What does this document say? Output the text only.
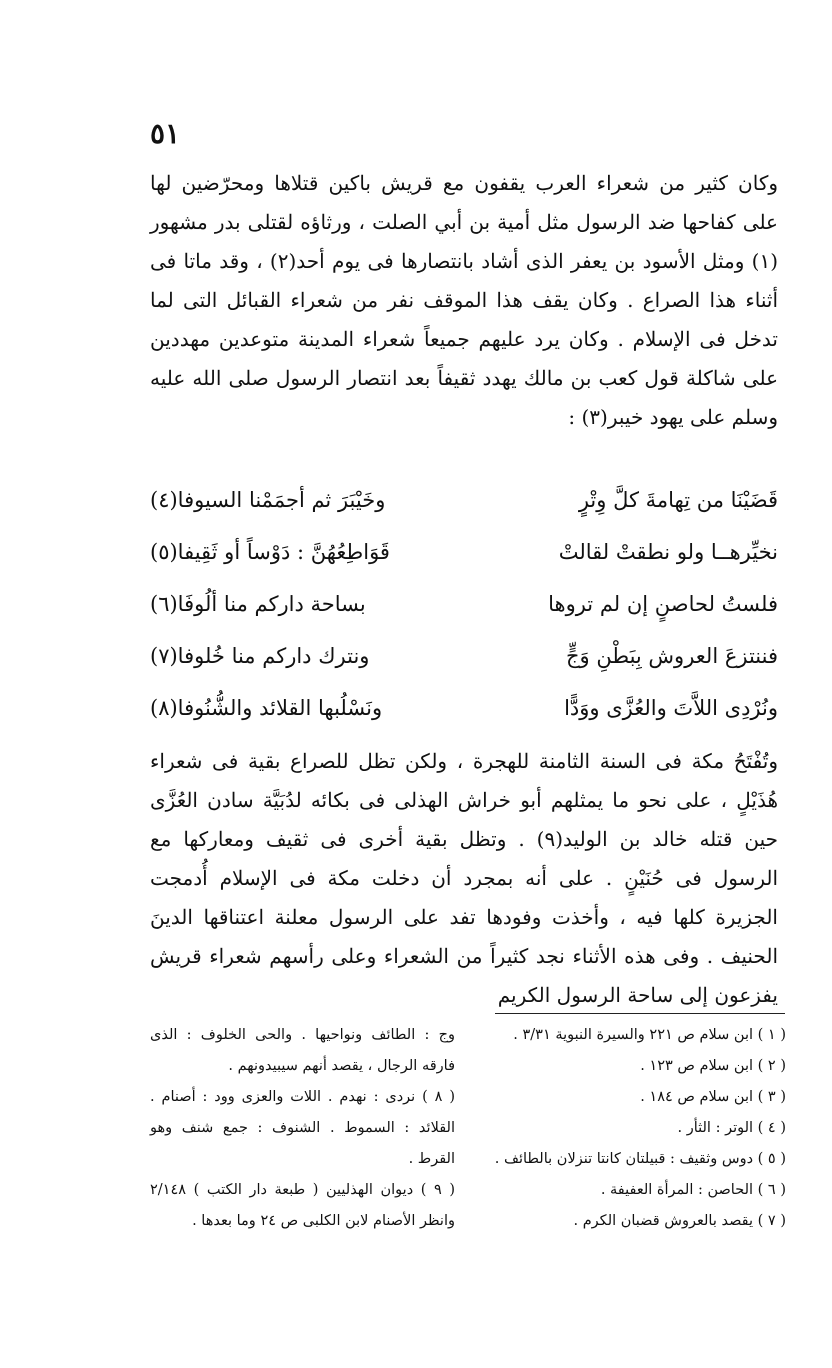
٥١

وكان كثير من شعراء العرب يقفون مع قريش باكين قتلاها ومحرّضين لها على كفاحها ضد الرسول مثل أمية بن أبي الصلت ، ورثاؤه لقتلى بدر مشهور (١) ومثل الأسود بن يعفر الذى أشاد بانتصارها فى يوم أحد(٢) ، وقد ماتا فى أثناء هذا الصراع . وكان يقف هذا الموقف نفر من شعراء القبائل التى لما تدخل فى الإسلام . وكان يرد عليهم جميعاً شعراء المدينة متوعدين مهددين على شاكلة قول كعب بن مالك يهدد ثقيفاً بعد انتصار الرسول صلى الله عليه وسلم على يهود خيبر(٣) :

قَضَيْنَا من تِهامةَ كلَّ وِتْرٍ
وخَيْبَرَ ثم أجمَمْنا السيوفا(٤)
نخيِّرهــا ولو نطقتْ لقالتْ
قَوَاطِعُهُنَّ : دَوْساً أو ثَقِيفا(٥)
فلستُ لحاصنٍ إن لم تروها
بساحة داركم منا ألُوفَا(٦)
فننتزعَ العروش بِبَطْنِ وَجٍّ
ونترك داركم منا خُلوفا(٧)
ونُرْدِى اللاَّتَ والعُزَّى ووَدًّا
ونَسْلُبها القلائد والشُّنُوفا(٨)

وتُفْتَحُ مكة فى السنة الثامنة للهجرة ، ولكن تظل للصراع بقية فى شعراء هُذَيْلٍ ، على نحو ما يمثلهم أبو خراش الهذلى فى بكائه لدُبَيَّة سادن العُزَّى حين قتله خالد بن الوليد(٩) . وتظل بقية أخرى فى ثقيف ومعاركها مع الرسول فى حُنَيْنٍ . على أنه بمجرد أن دخلت مكة فى الإسلام أُدمجت الجزيرة كلها فيه ، وأخذت وفودها تفد على الرسول معلنة اعتناقها الدينَ الحنيف . وفى هذه الأثناء نجد كثيراً من الشعراء وعلى رأسهم شعراء قريش يفزعون إلى ساحة الرسول الكريم

( ١ ) ابن سلام ص ٢٢١ والسيرة النبوية ٣/٣١ .
( ٢ ) ابن سلام ص ١٢٣ .
( ٣ ) ابن سلام ص ١٨٤ .
( ٤ ) الوتر : الثأر .
( ٥ ) دوس وثقيف : قبيلتان كانتا تنزلان بالطائف .
( ٦ ) الحاصن : المرأة العفيفة .
( ٧ ) يقصد بالعروش قضبان الكرم .
وج : الطائف ونواحيها . والحى الخلوف : الذى فارقه الرجال ، يقصد أنهم سيبيدونهم .
( ٨ ) نردى : نهدم . اللات والعزى وود : أصنام . القلائد : السموط . الشنوف : جمع شنف وهو القرط .
( ٩ ) ديوان الهذليين ( طبعة دار الكتب ) ٢/١٤٨ وانظر الأصنام لابن الكلبى ص ٢٤ وما بعدها .
